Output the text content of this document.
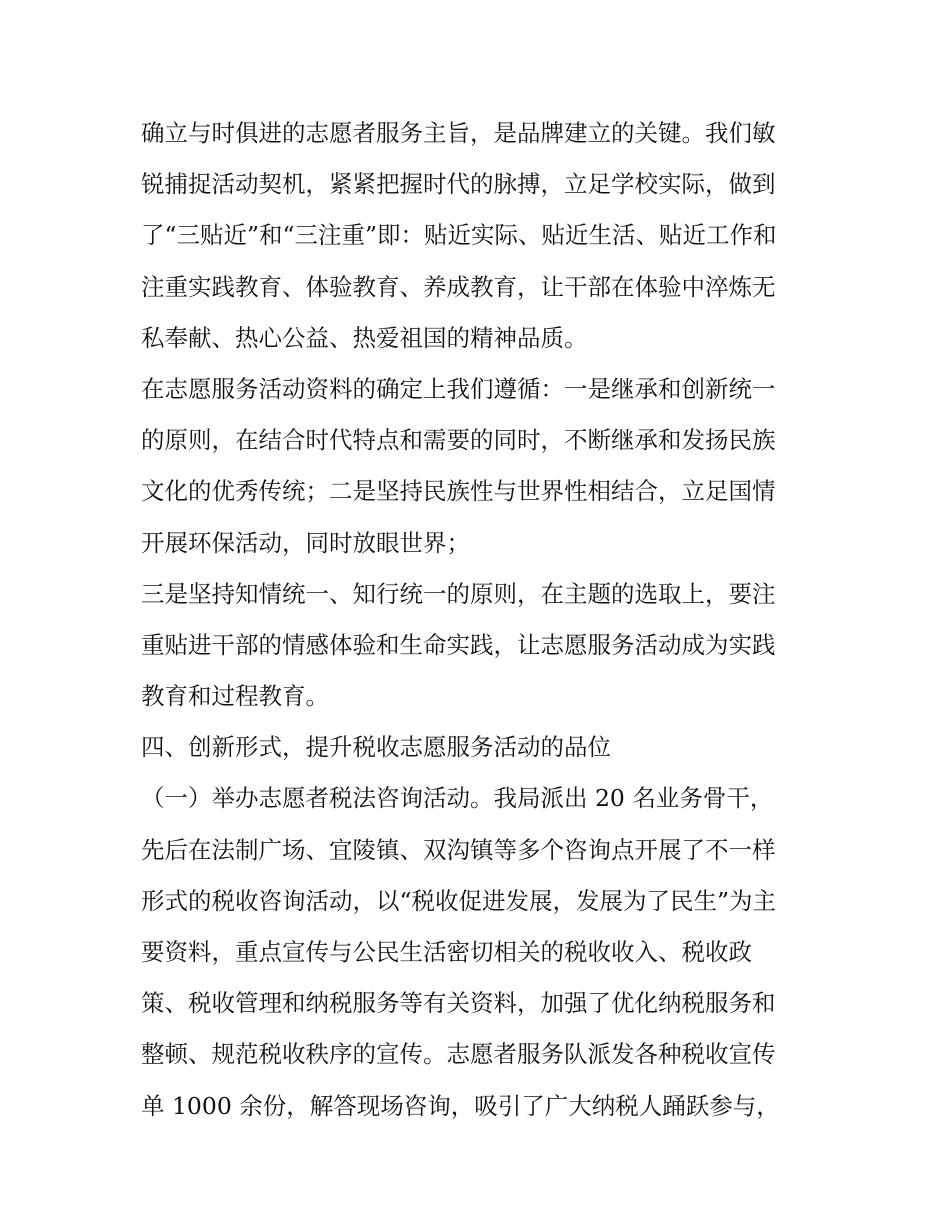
确立与时俱进的志愿者服务主旨，是品牌建立的关键。我们敏
锐捕捉活动契机，紧紧把握时代的脉搏，立足学校实际，做到
了“三贴近”和“三注重”即：贴近实际、贴近生活、贴近工作和
注重实践教育、体验教育、养成教育，让干部在体验中淬炼无
私奉献、热心公益、热爱祖国的精神品质。
在志愿服务活动资料的确定上我们遵循：一是继承和创新统一
的原则，在结合时代特点和需要的同时，不断继承和发扬民族
文化的优秀传统；二是坚持民族性与世界性相结合，立足国情
开展环保活动，同时放眼世界；
三是坚持知情统一、知行统一的原则，在主题的选取上，要注
重贴进干部的情感体验和生命实践，让志愿服务活动成为实践
教育和过程教育。
四、创新形式，提升税收志愿服务活动的品位
（一）举办志愿者税法咨询活动。我局派出 20 名业务骨干，
先后在法制广场、宜陵镇、双沟镇等多个咨询点开展了不一样
形式的税收咨询活动，以“税收促进发展，发展为了民生”为主
要资料，重点宣传与公民生活密切相关的税收收入、税收政
策、税收管理和纳税服务等有关资料，加强了优化纳税服务和
整顿、规范税收秩序的宣传。志愿者服务队派发各种税收宣传
单 1000 余份，解答现场咨询，吸引了广大纳税人踊跃参与，
